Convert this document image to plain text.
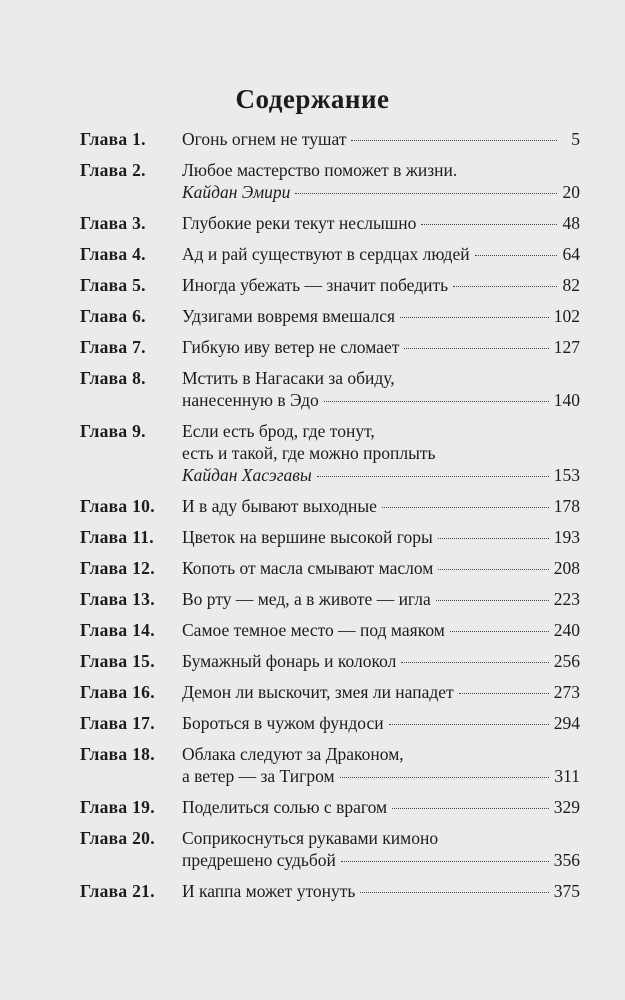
Содержание
Глава 1.	Огонь огнем не тушат	5
Глава 2.	Любое мастерство поможет в жизни.
Кайдан Эмири	20
Глава 3.	Глубокие реки текут неслышно	48
Глава 4.	Ад и рай существуют в сердцах людей	64
Глава 5.	Иногда убежать — значит победить	82
Глава 6.	Удзигами вовремя вмешался	102
Глава 7.	Гибкую иву ветер не сломает	127
Глава 8.	Мстить в Нагасаки за обиду,
нанесенную в Эдо	140
Глава 9.	Если есть брод, где тонут,
есть и такой, где можно проплыть
Кайдан Хасэгавы	153
Глава 10.	И в аду бывают выходные	178
Глава 11.	Цветок на вершине высокой горы	193
Глава 12.	Копоть от масла смывают маслом	208
Глава 13.	Во рту — мед, а в животе — игла	223
Глава 14.	Самое темное место — под маяком	240
Глава 15.	Бумажный фонарь и колокол	256
Глава 16.	Демон ли выскочит, змея ли нападет	273
Глава 17.	Бороться в чужом фундоси	294
Глава 18.	Облака следуют за Драконом,
а ветер — за Тигром	311
Глава 19.	Поделиться солью с врагом	329
Глава 20.	Соприкоснуться рукавами кимоно
предрешено судьбой	356
Глава 21.	И каппа может утонуть	375
